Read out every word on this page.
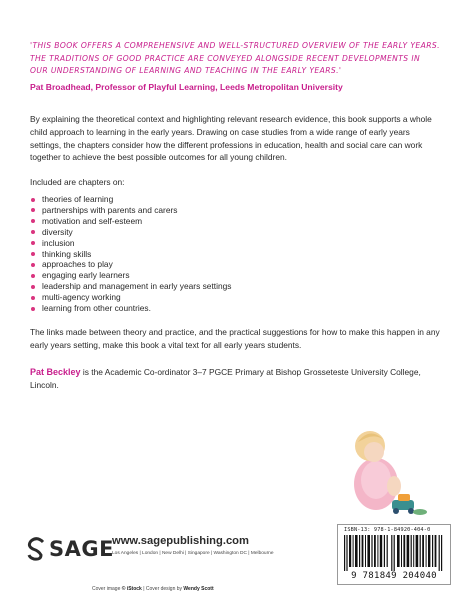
'THIS BOOK OFFERS A COMPREHENSIVE AND WELL-STRUCTURED OVERVIEW OF THE EARLY YEARS. THE TRADITIONS OF GOOD PRACTICE ARE CONVEYED ALONGSIDE RECENT DEVELOPMENTS IN OUR UNDERSTANDING OF LEARNING AND TEACHING IN THE EARLY YEARS.'
Pat Broadhead, Professor of Playful Learning, Leeds Metropolitan University
By explaining the theoretical context and highlighting relevant research evidence, this book supports a whole child approach to learning in the early years. Drawing on case studies from a wide range of early years settings, the chapters consider how the different professions in education, health and social care can work together to achieve the best possible outcomes for all young children.
Included are chapters on:
theories of learning
partnerships with parents and carers
motivation and self-esteem
diversity
inclusion
thinking skills
approaches to play
engaging early learners
leadership and management in early years settings
multi-agency working
learning from other countries.
The links made between theory and practice, and the practical suggestions for how to make this happen in any early years setting, make this book a vital text for all early years students.
Pat Beckley is the Academic Co-ordinator 3–7 PGCE Primary at Bishop Grosseteste University College, Lincoln.
ISBN-13: 978-1-84920-404-0
9 781849 204040
SAGE
www.sagepublishing.com
Los Angeles | London | New Delhi | Singapore | Washington DC | Melbourne
Cover image © iStock | Cover design by Wendy Scott
